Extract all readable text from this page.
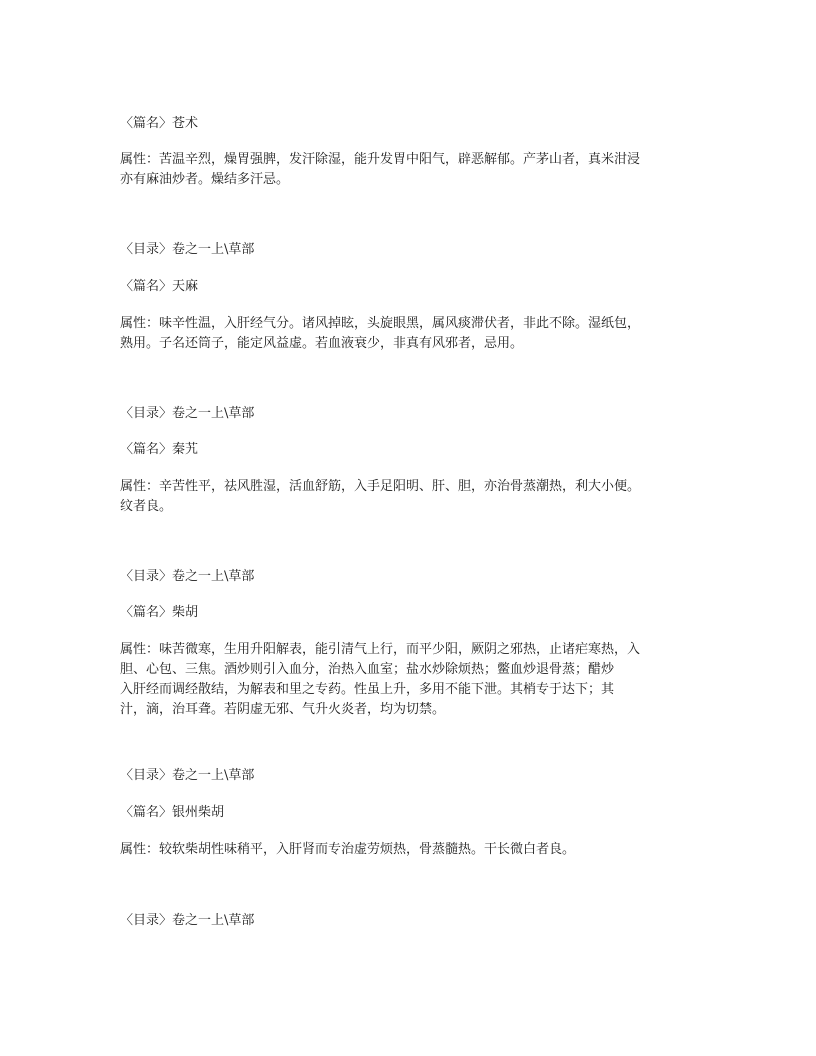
〈篇名〉苍术
属性：苦温辛烈，燥胃强脾，发汗除湿，能升发胃中阳气，辟恶解郁。产茅山者，真米泔浸
亦有麻油炒者。燥结多汗忌。
〈目录〉卷之一上\草部
〈篇名〉天麻
属性：味辛性温，入肝经气分。诸风掉眩，头旋眼黑，属风痰滞伏者，非此不除。湿纸包，
熟用。子名还筒子，能定风益虚。若血液衰少，非真有风邪者，忌用。
〈目录〉卷之一上\草部
〈篇名〉秦艽
属性：辛苦性平，祛风胜湿，活血舒筋，入手足阳明、肝、胆，亦治骨蒸潮热，利大小便。
纹者良。
〈目录〉卷之一上\草部
〈篇名〉柴胡
属性：味苦微寒，生用升阳解表，能引清气上行，而平少阳，厥阴之邪热，止诸疟寒热，入
胆、心包、三焦。酒炒则引入血分，治热入血室；盐水炒除烦热；鳖血炒退骨蒸；醋炒
入肝经而调经散结，为解表和里之专药。性虽上升，多用不能下泄。其梢专于达下；其
汁，滴，治耳聋。若阴虚无邪、气升火炎者，均为切禁。
〈目录〉卷之一上\草部
〈篇名〉银州柴胡
属性：较软柴胡性味稍平，入肝肾而专治虚劳烦热，骨蒸髓热。干长微白者良。
〈目录〉卷之一上\草部
